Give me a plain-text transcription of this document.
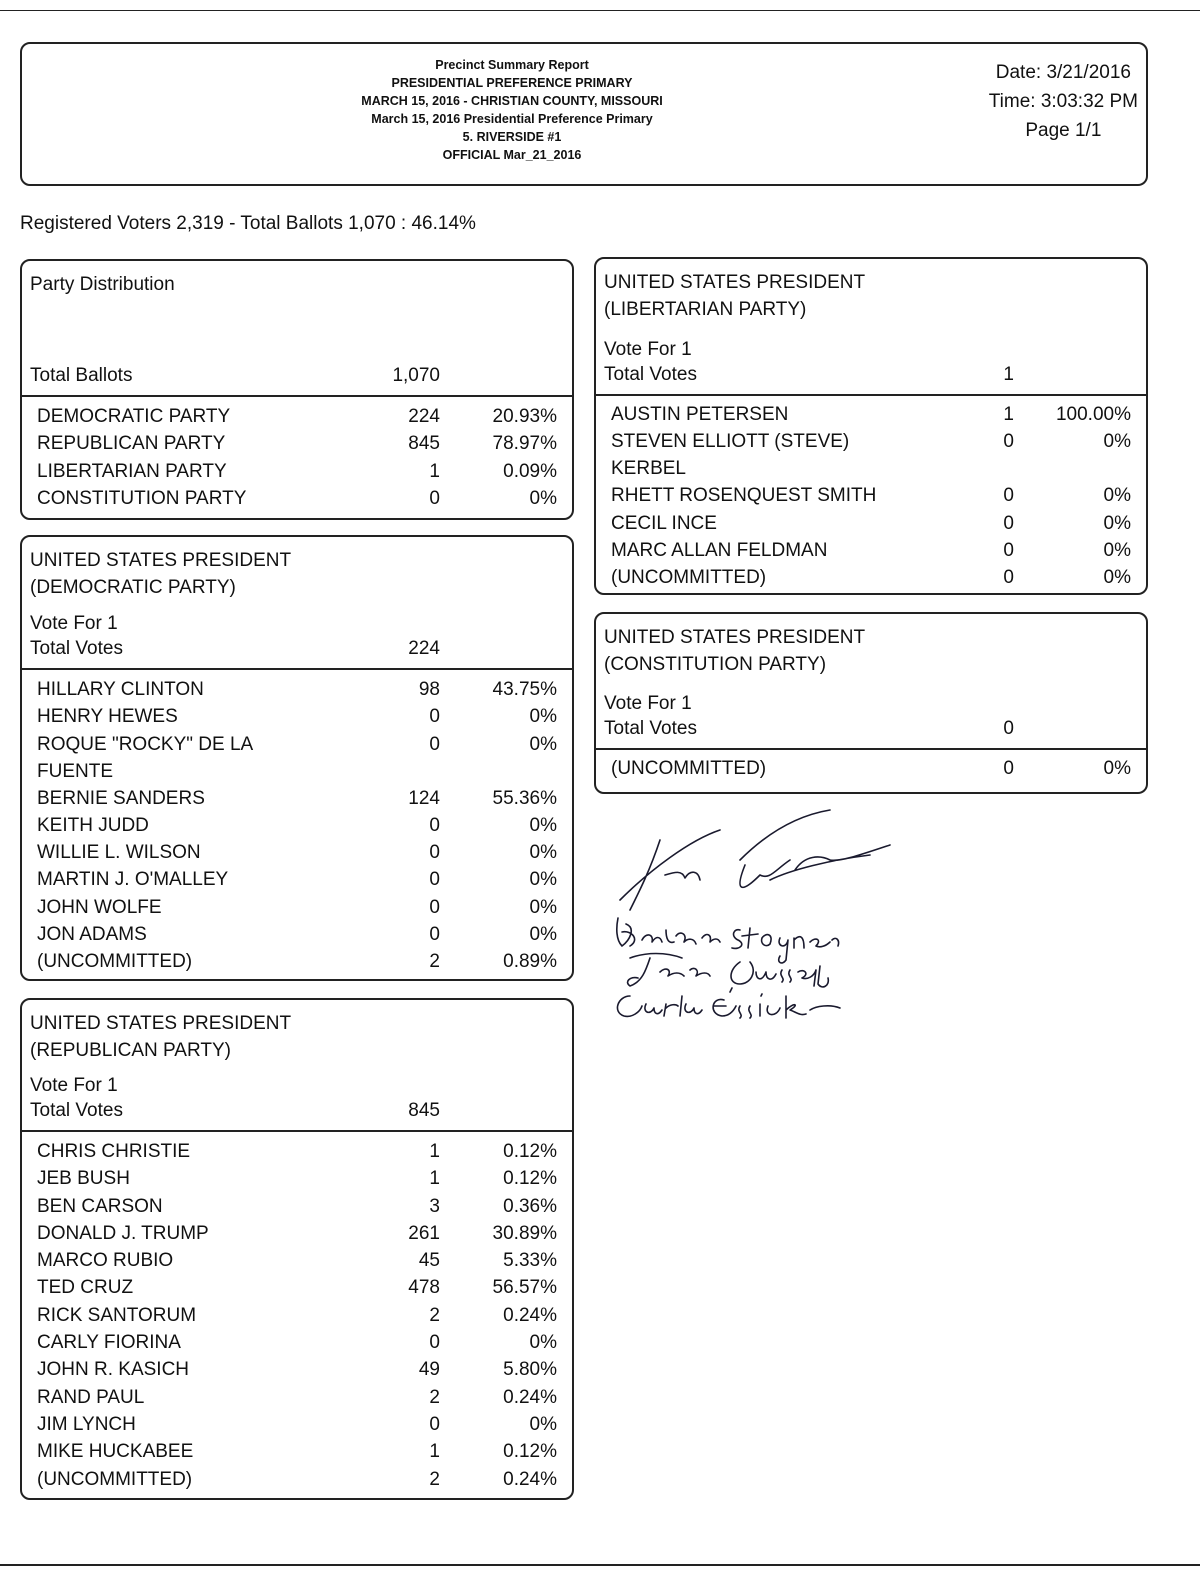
Precinct Summary Report
PRESIDENTIAL PREFERENCE PRIMARY
MARCH 15, 2016 - CHRISTIAN COUNTY, MISSOURI
March 15, 2016 Presidential Preference Primary
5. RIVERSIDE #1
OFFICIAL Mar_21_2016
Date: 3/21/2016
Time: 3:03:32 PM
Page 1/1
Registered Voters 2,319 - Total Ballots 1,070 : 46.14%
Party Distribution
Total Ballots	1,070
DEMOCRATIC PARTY	224	20.93%
REPUBLICAN PARTY	845	78.97%
LIBERTARIAN PARTY	1	0.09%
CONSTITUTION PARTY	0	0%
UNITED STATES PRESIDENT
(DEMOCRATIC PARTY)
Vote For 1
Total Votes	224
HILLARY CLINTON	98	43.75%
HENRY HEWES	0	0%
ROQUE "ROCKY" DE LA FUENTE
0	0%
BERNIE SANDERS	124	55.36%
KEITH JUDD	0	0%
WILLIE L. WILSON	0	0%
MARTIN J. O'MALLEY	0	0%
JOHN WOLFE	0	0%
JON ADAMS	0	0%
(UNCOMMITTED)	2	0.89%
UNITED STATES PRESIDENT
(REPUBLICAN PARTY)
Vote For 1
Total Votes	845
CHRIS CHRISTIE	1	0.12%
JEB BUSH	1	0.12%
BEN CARSON	3	0.36%
DONALD J. TRUMP	261	30.89%
MARCO RUBIO	45	5.33%
TED CRUZ	478	56.57%
RICK SANTORUM	2	0.24%
CARLY FIORINA	0	0%
JOHN R. KASICH	49	5.80%
RAND PAUL	2	0.24%
JIM LYNCH	0	0%
MIKE HUCKABEE	1	0.12%
(UNCOMMITTED)	2	0.24%
UNITED STATES PRESIDENT
(LIBERTARIAN PARTY)
Vote For 1
Total Votes	1
AUSTIN PETERSEN	1 100.00%
STEVEN ELLIOTT (STEVE) KERBEL
0	0%
RHETT ROSENQUEST SMITH	0	0%
CECIL INCE	0	0%
MARC ALLAN FELDMAN	0	0%
(UNCOMMITTED)	0	0%
UNITED STATES PRESIDENT
(CONSTITUTION PARTY)
Vote For 1
Total Votes	0
(UNCOMMITTED)	0	0%
